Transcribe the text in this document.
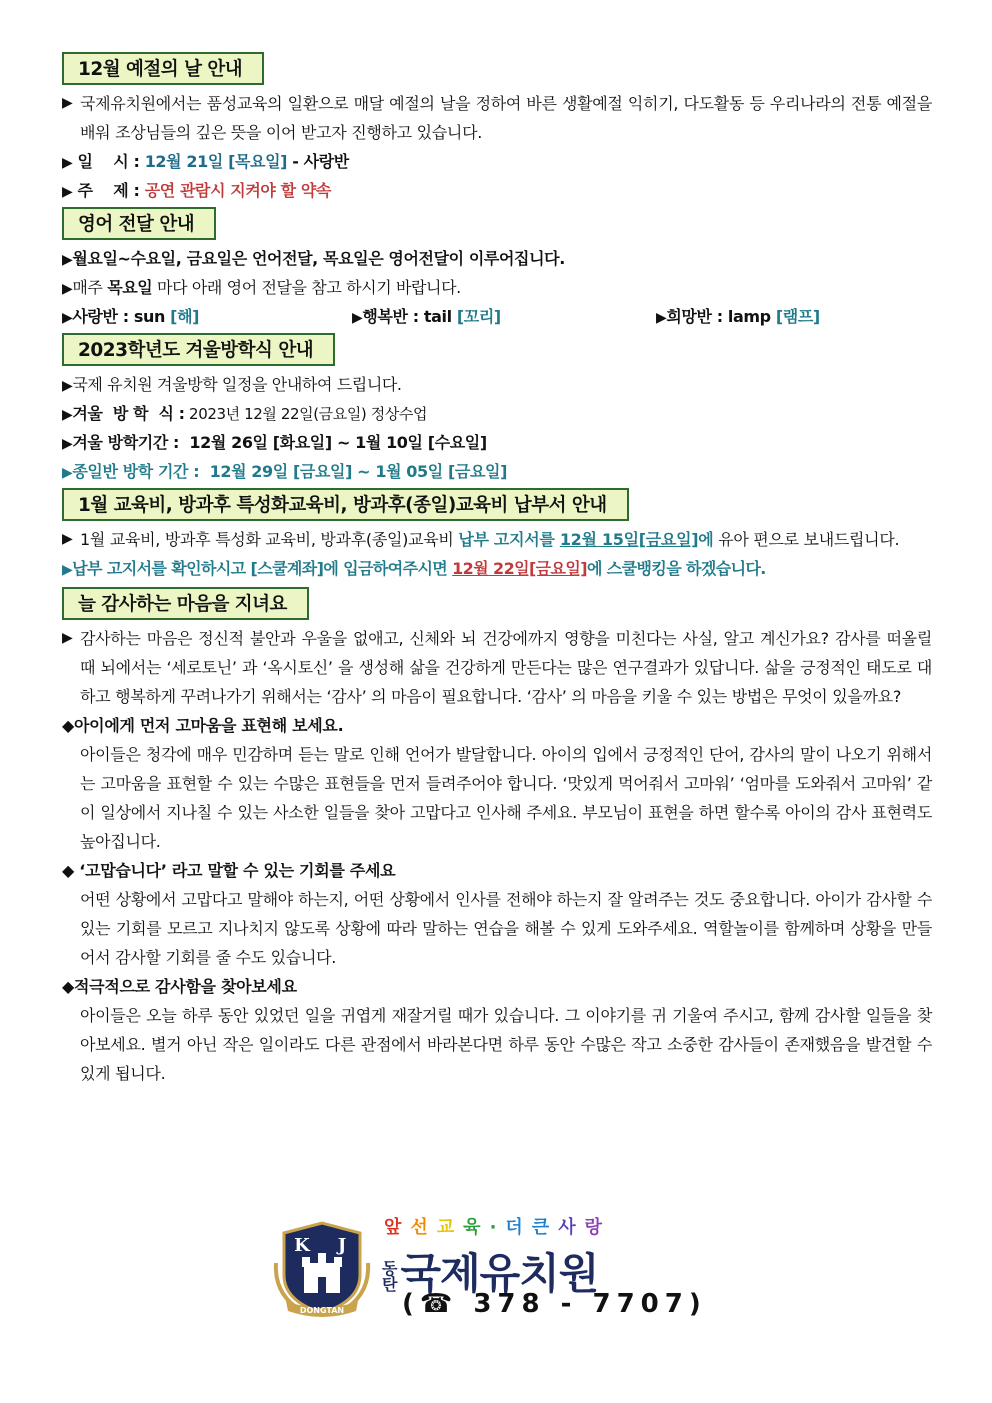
12월 예절의 날 안내
▶ 국제유치원에서는 품성교육의 일환으로 매달 예절의 날을 정하여 바른 생활예절 익히기, 다도활동 등 우리나라의 전통 예절을 배워 조상님들의 깊은 뜻을 이어 받고자 진행하고 있습니다.
▶ 일    시 : 12월 21일 [목요일] - 사랑반
▶ 주    제 : 공연 관람시 지켜야 할 약속
영어 전달 안내
▶월요일~수요일, 금요일은 언어전달, 목요일은 영어전달이 이루어집니다.
▶매주 목요일 마다 아래 영어 전달을 참고 하시기 바랍니다.
▶사랑반 : sun [해]	▶행복반 : tail [꼬리]	▶희망반 : lamp [램프]
2023학년도 겨울방학식 안내
▶국제 유치원 겨울방학 일정을 안내하여 드립니다.
▶겨울  방 학  식 : 2023년 12월 22일(금요일) 정상수업
▶겨울 방학기간 :  12월 26일 [화요일] ~ 1월 10일 [수요일]
▶종일반 방학 기간 :  12월 29일 [금요일] ~ 1월 05일 [금요일]
1월 교육비, 방과후 특성화교육비, 방과후(종일)교육비 납부서 안내
▶ 1월 교육비, 방과후 특성화 교육비, 방과후(종일)교육비 납부 고지서를 12월 15일[금요일]에 유아 편으로 보내드립니다.
▶납부 고지서를 확인하시고 [스쿨계좌]에 입금하여주시면 12월 22일[금요일]에 스쿨뱅킹을 하겠습니다.
늘 감사하는 마음을 지녀요
▶ 감사하는 마음은 정신적 불안과 우울을 없애고, 신체와 뇌 건강에까지 영향을 미친다는 사실, 알고 계신가요? 감사를 떠올릴 때 뇌에서는 ‘세로토닌’ 과 ‘옥시토신’ 을 생성해 삶을 건강하게 만든다는 많은 연구결과가 있답니다. 삶을 긍정적인 태도로 대하고 행복하게 꾸려나가기 위해서는 ‘감사’ 의 마음이 필요합니다. ‘감사’ 의 마음을 키울 수 있는 방법은 무엇이 있을까요?
◆아이에게 먼저 고마움을 표현해 보세요.
아이들은 청각에 매우 민감하며 듣는 말로 인해 언어가 발달합니다. 아이의 입에서 긍정적인 단어, 감사의 말이 나오기 위해서는 고마움을 표현할 수 있는 수많은 표현들을 먼저 들려주어야 합니다. ‘맛있게 먹어줘서 고마워’ ‘엄마를 도와줘서 고마워’ 같이 일상에서 지나칠 수 있는 사소한 일들을 찾아 고맙다고 인사해 주세요. 부모님이 표현을 하면 할수록 아이의 감사 표현력도 높아집니다.
◆ ‘고맙습니다’ 라고 말할 수 있는 기회를 주세요
어떤 상황에서 고맙다고 말해야 하는지, 어떤 상황에서 인사를 전해야 하는지 잘 알려주는 것도 중요합니다. 아이가 감사할 수 있는 기회를 모르고 지나치지 않도록 상황에 따라 말하는 연습을 해볼 수 있게 도와주세요. 역할놀이를 함께하며 상황을 만들어서 감사할 기회를 줄 수도 있습니다.
◆적극적으로 감사함을 찾아보세요
아이들은 오늘 하루 동안 있었던 일을 귀엽게 재잘거릴 때가 있습니다. 그 이야기를 귀 기울여 주시고, 함께 감사할 일들을 찾아보세요. 별거 아닌 작은 일이라도 다른 관점에서 바라본다면 하루 동안 수많은 작고 소중한 감사들이 존재했음을 발견할 수 있게 됩니다.
K J
DONGTAN
앞선교육·더큰사랑
동
탄국제유치원
(☎ 378 - 7707)
